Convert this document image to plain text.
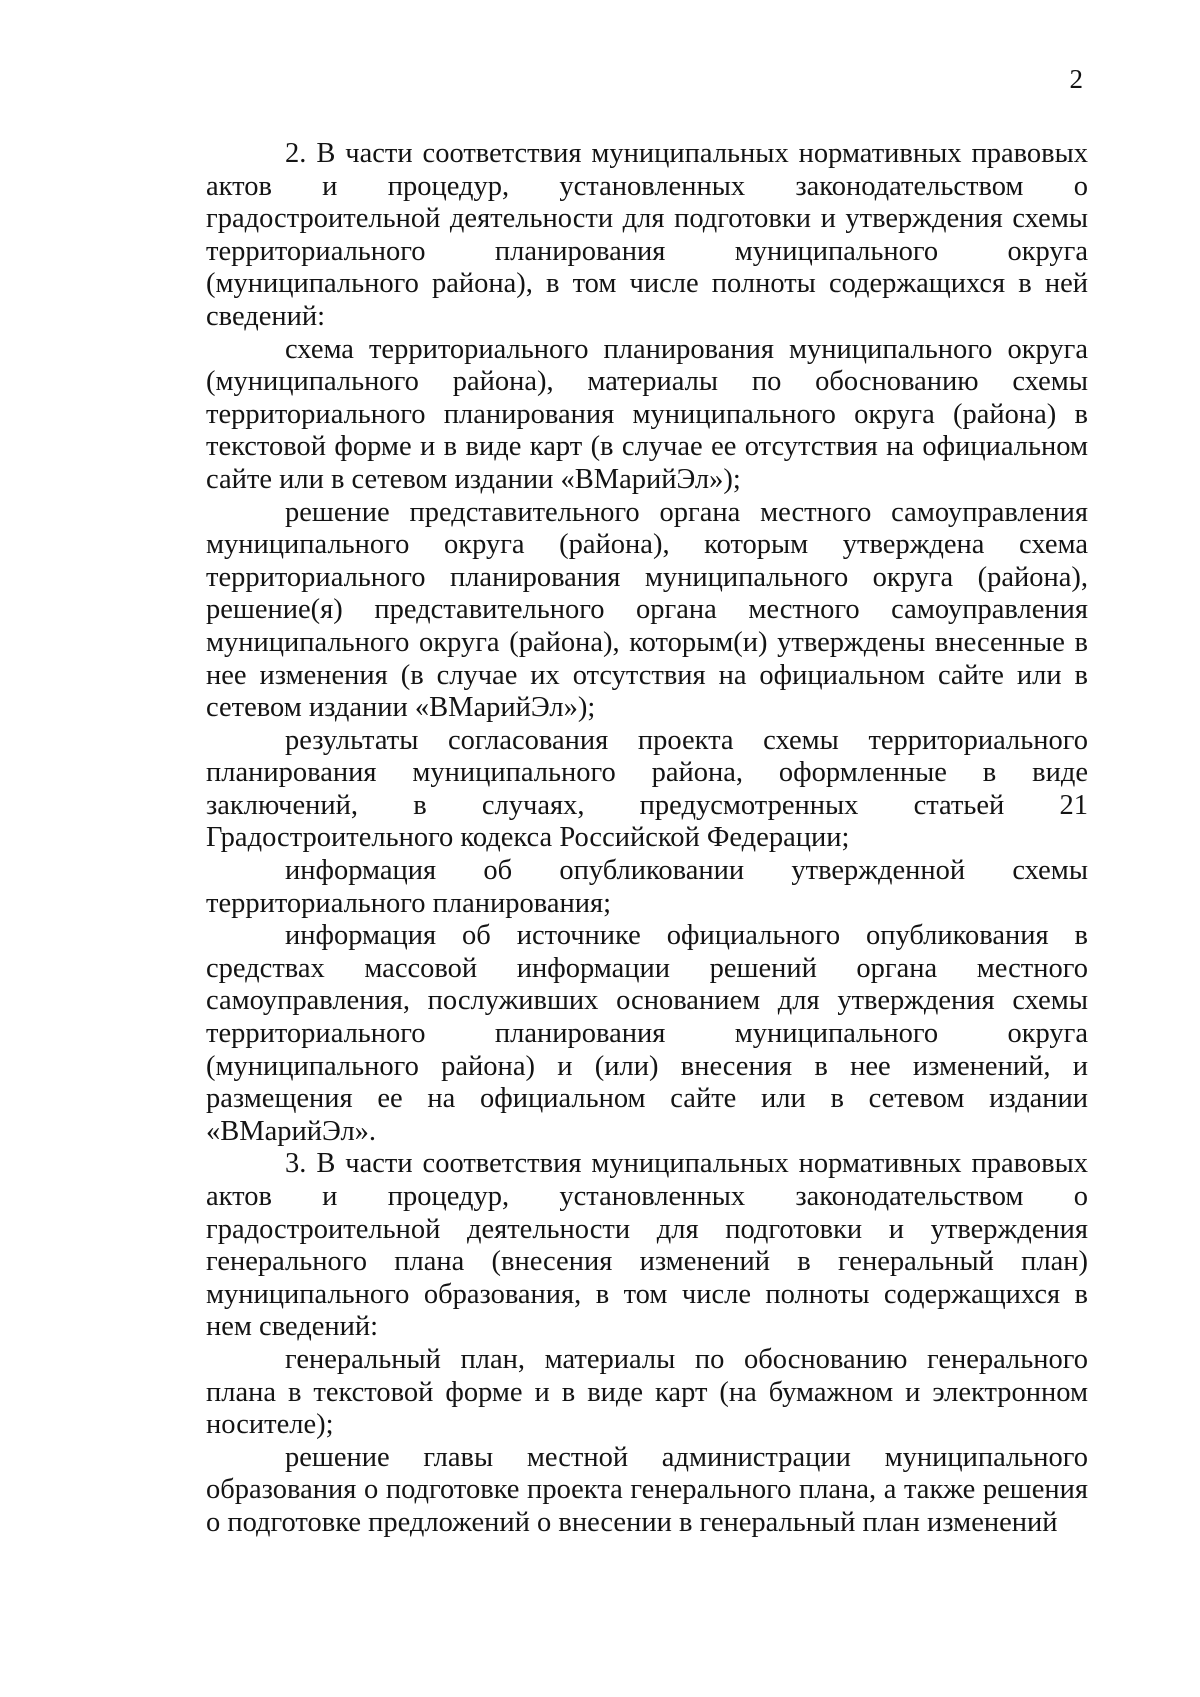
2

2. В части соответствия муниципальных нормативных правовых актов и процедур, установленных законодательством о градостроительной деятельности для подготовки и утверждения схемы территориального планирования муниципального округа (муниципального района), в том числе полноты содержащихся в ней сведений:

схема территориального планирования муниципального округа (муниципального района), материалы по обоснованию схемы территориального планирования муниципального округа (района) в текстовой форме и в виде карт (в случае ее отсутствия на официальном сайте или в сетевом издании «ВМарийЭл»);

решение представительного органа местного самоуправления муниципального округа (района), которым утверждена схема территориального планирования муниципального округа (района), решение(я) представительного органа местного самоуправления муниципального округа (района), которым(и) утверждены внесенные в нее изменения (в случае их отсутствия на официальном сайте или в сетевом издании «ВМарийЭл»);

результаты согласования проекта схемы территориального планирования муниципального района, оформленные в виде заключений, в случаях, предусмотренных статьей 21 Градостроительного кодекса Российской Федерации;

информация об опубликовании утвержденной схемы территориального планирования;

информация об источнике официального опубликования в средствах массовой информации решений органа местного самоуправления, послуживших основанием для утверждения схемы территориального планирования муниципального округа (муниципального района) и (или) внесения в нее изменений, и размещения ее на официальном сайте или в сетевом издании «ВМарийЭл».

3. В части соответствия муниципальных нормативных правовых актов и процедур, установленных законодательством о градостроительной деятельности для подготовки и утверждения генерального плана (внесения изменений в генеральный план) муниципального образования, в том числе полноты содержащихся в нем сведений:

генеральный план, материалы по обоснованию генерального плана в текстовой форме и в виде карт (на бумажном и электронном носителе);

решение главы местной администрации муниципального образования о подготовке проекта генерального плана, а также решения о подготовке предложений о внесении в генеральный план изменений
